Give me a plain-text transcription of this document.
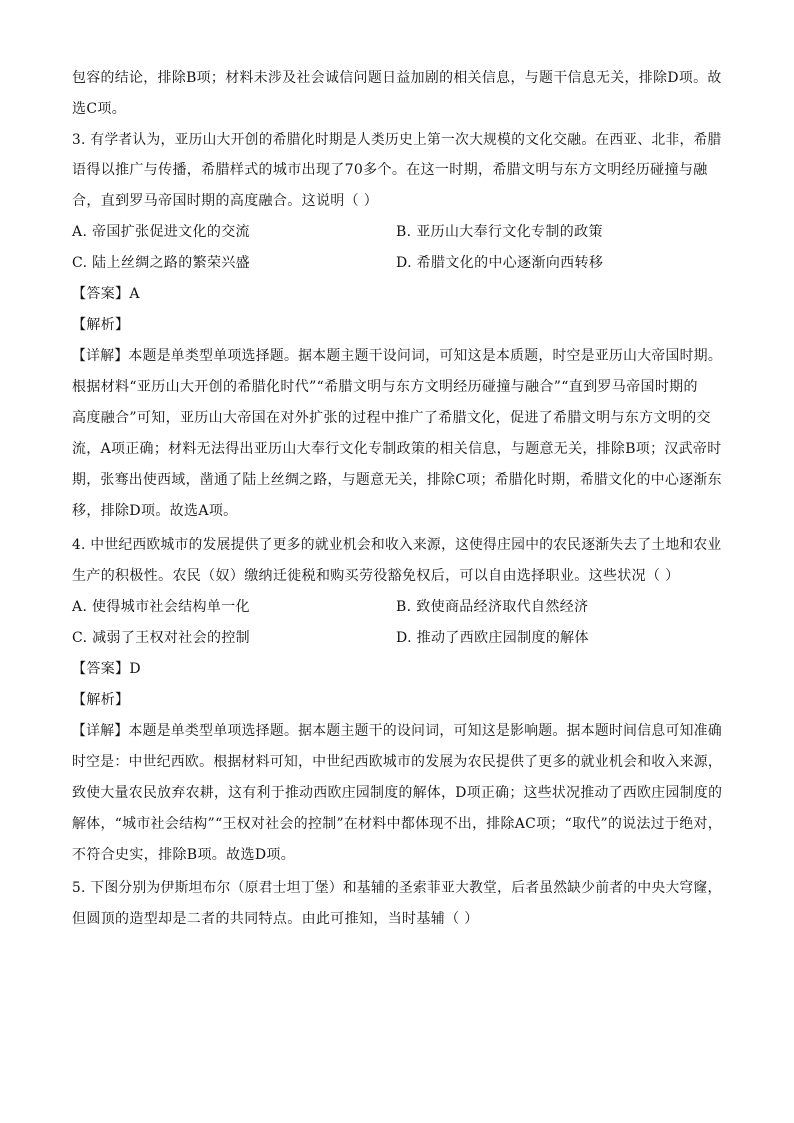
包容的结论，排除B项；材料未涉及社会诚信问题日益加剧的相关信息，与题干信息无关，排除D项。故
选C项。
3. 有学者认为，亚历山大开创的希腊化时期是人类历史上第一次大规模的文化交融。在西亚、北非，希腊
语得以推广与传播，希腊样式的城市出现了70多个。在这一时期，希腊文明与东方文明经历碰撞与融
合，直到罗马帝国时期的高度融合。这说明（ ）
A. 帝国扩张促进文化的交流	B. 亚历山大奉行文化专制的政策
C. 陆上丝绸之路的繁荣兴盛	D. 希腊文化的中心逐渐向西转移
【答案】A
【解析】
【详解】本题是单类型单项选择题。据本题主题干设问词，可知这是本质题，时空是亚历山大帝国时期。
根据材料“亚历山大开创的希腊化时代”“希腊文明与东方文明经历碰撞与融合”“直到罗马帝国时期的
高度融合”可知，亚历山大帝国在对外扩张的过程中推广了希腊文化，促进了希腊文明与东方文明的交
流，A项正确；材料无法得出亚历山大奉行文化专制政策的相关信息，与题意无关，排除B项；汉武帝时
期，张骞出使西域，凿通了陆上丝绸之路，与题意无关，排除C项；希腊化时期，希腊文化的中心逐渐东
移，排除D项。故选A项。
4. 中世纪西欧城市的发展提供了更多的就业机会和收入来源，这使得庄园中的农民逐渐失去了土地和农业
生产的积极性。农民（奴）缴纳迁徙税和购买劳役豁免权后，可以自由选择职业。这些状况（ ）
A. 使得城市社会结构单一化	B. 致使商品经济取代自然经济
C. 减弱了王权对社会的控制	D. 推动了西欧庄园制度的解体
【答案】D
【解析】
【详解】本题是单类型单项选择题。据本题主题干的设问词，可知这是影响题。据本题时间信息可知准确
时空是：中世纪西欧。根据材料可知，中世纪西欧城市的发展为农民提供了更多的就业机会和收入来源，
致使大量农民放弃农耕，这有利于推动西欧庄园制度的解体，D项正确；这些状况推动了西欧庄园制度的
解体，“城市社会结构”“王权对社会的控制”在材料中都体现不出，排除AC项；“取代”的说法过于绝对，
不符合史实，排除B项。故选D项。
5. 下图分别为伊斯坦布尔（原君士坦丁堡）和基辅的圣索菲亚大教堂，后者虽然缺少前者的中央大穹窿，
但圆顶的造型却是二者的共同特点。由此可推知，当时基辅（ ）
